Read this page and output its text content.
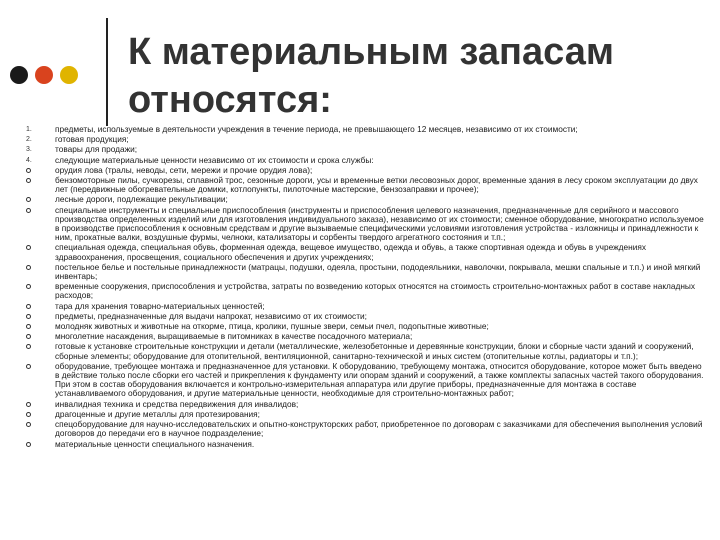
К материальным запасам
относятся:
1.	предметы, используемые в деятельности учреждения в течение периода, не превышающего 12 месяцев, независимо от их стоимости;
2.	готовая продукция;
3.	товары для продажи;
4.	следующие материальные ценности независимо от их стоимости и срока службы:
орудия лова (тралы, неводы, сети, мережи и прочие орудия лова);
бензомоторные пилы, сучкорезы, сплавной трос, сезонные дороги, усы и временные ветки лесовозных дорог, временные здания в лесу сроком эксплуатации до двух лет (передвижные обогревательные домики, котлопункты, пилоточные мастерские, бензозаправки и прочее);
лесные дороги, подлежащие рекультивации;
специальные инструменты и специальные приспособления (инструменты и приспособления целевого назначения, предназначенные для серийного и массового производства определенных изделий или для изготовления индивидуального заказа), независимо от их стоимости; сменное оборудование, многократно используемое в производстве приспособления к основным средствам и другие вызываемые специфическими условиями изготовления устройства - изложницы и принадлежности к ним, прокатные валки, воздушные фурмы, челноки, катализаторы и сорбенты твердого агрегатного состояния и т.п.;
специальная одежда, специальная обувь, форменная одежда, вещевое имущество, одежда и обувь, а также спортивная одежда и обувь в учреждениях здравоохранения, просвещения, социального обеспечения и других учреждениях;
постельное белье и постельные принадлежности (матрацы, подушки, одеяла, простыни, пододеяльники, наволочки, покрывала, мешки спальные и т.п.) и иной мягкий инвентарь;
временные сооружения, приспособления и устройства, затраты по возведению которых относятся на стоимость строительно-монтажных работ в составе накладных расходов;
тара для хранения товарно-материальных ценностей;
предметы, предназначенные для выдачи напрокат, независимо от их стоимости;
молодняк животных и животные на откорме, птица, кролики, пушные звери, семьи пчел, подопытные животные;
многолетние насаждения, выращиваемые в питомниках в качестве посадочного материала;
готовые к установке строительные конструкции и детали (металлические, железобетонные и деревянные конструкции, блоки и сборные части зданий и сооружений, сборные элементы; оборудование для отопительной, вентиляционной, санитарно-технической и иных систем (отопительные котлы, радиаторы и т.п.);
оборудование, требующее монтажа и предназначенное для установки. К оборудованию, требующему монтажа, относится оборудование, которое может быть введено в действие только после сборки его частей и прикрепления к фундаменту или опорам зданий и сооружений, а также комплекты запасных частей такого оборудования. При этом в состав оборудования включается и контрольно-измерительная аппаратура или другие приборы, предназначенные для монтажа в составе устанавливаемого оборудования, и другие материальные ценности, необходимые для строительно-монтажных работ;
инвалидная техника и средства передвижения для инвалидов;
драгоценные и другие металлы для протезирования;
спецоборудование для научно-исследовательских и опытно-конструкторских работ, приобретенное по договорам с заказчиками для обеспечения выполнения условий договоров до передачи его в научное подразделение;
материальные ценности специального назначения.
